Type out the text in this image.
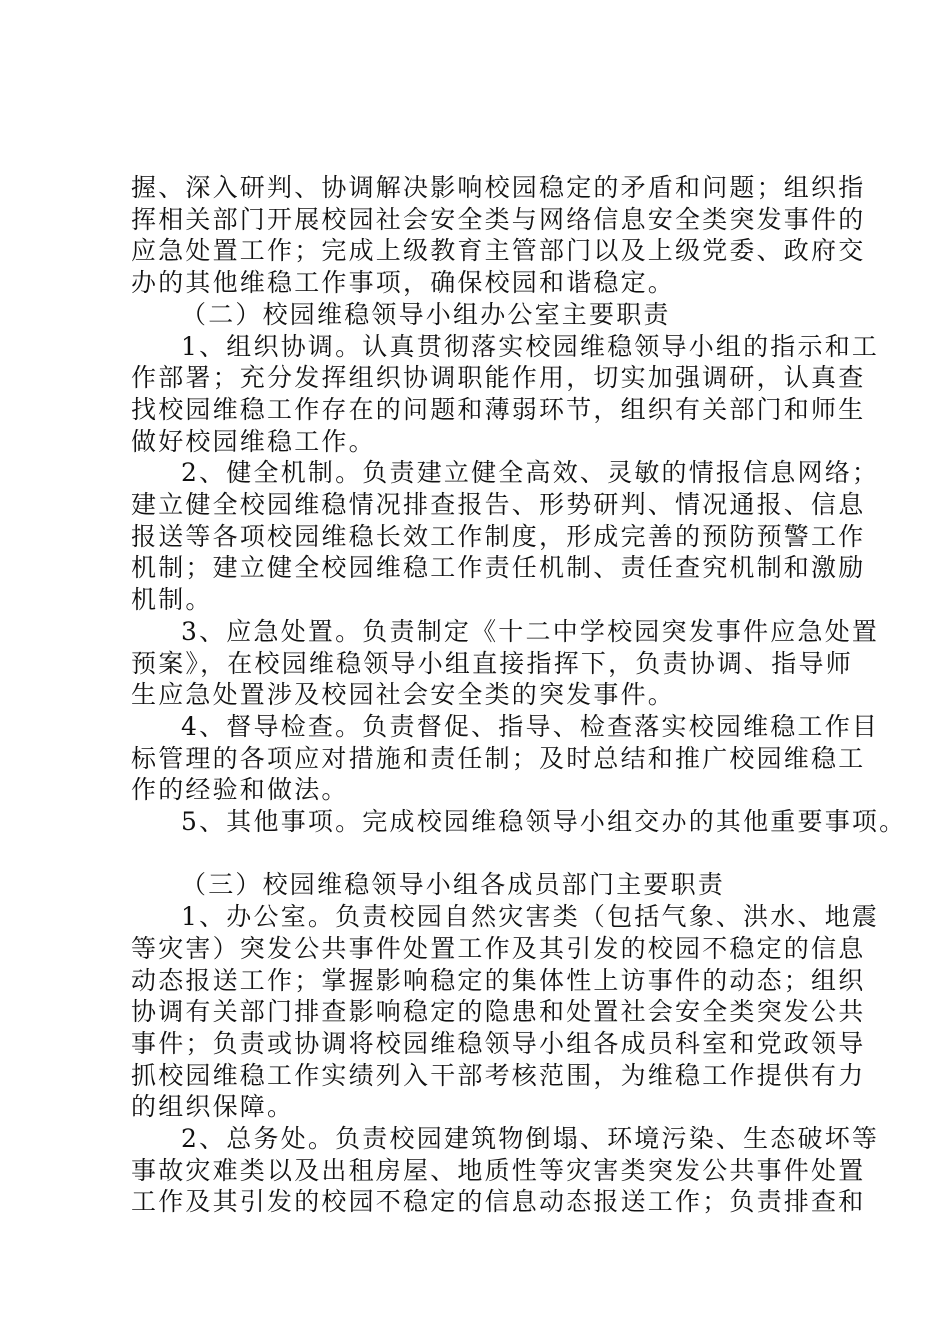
握、深入研判、协调解决影响校园稳定的矛盾和问题；组织指
挥相关部门开展校园社会安全类与网络信息安全类突发事件的
应急处置工作；完成上级教育主管部门以及上级党委、政府交
办的其他维稳工作事项，确保校园和谐稳定。
（二）校园维稳领导小组办公室主要职责
1、组织协调。认真贯彻落实校园维稳领导小组的指示和工
作部署；充分发挥组织协调职能作用，切实加强调研，认真查
找校园维稳工作存在的问题和薄弱环节，组织有关部门和师生
做好校园维稳工作。
2、健全机制。负责建立健全高效、灵敏的情报信息网络；
建立健全校园维稳情况排查报告、形势研判、情况通报、信息
报送等各项校园维稳长效工作制度，形成完善的预防预警工作
机制；建立健全校园维稳工作责任机制、责任查究机制和激励
机制。
3、应急处置。负责制定《十二中学校园突发事件应急处置
预案》，在校园维稳领导小组直接指挥下，负责协调、指导师
生应急处置涉及校园社会安全类的突发事件。
4、督导检查。负责督促、指导、检查落实校园维稳工作目
标管理的各项应对措施和责任制；及时总结和推广校园维稳工
作的经验和做法。
5、其他事项。完成校园维稳领导小组交办的其他重要事项。
（三）校园维稳领导小组各成员部门主要职责
1、办公室。负责校园自然灾害类（包括气象、洪水、地震
等灾害）突发公共事件处置工作及其引发的校园不稳定的信息
动态报送工作；掌握影响稳定的集体性上访事件的动态；组织
协调有关部门排查影响稳定的隐患和处置社会安全类突发公共
事件；负责或协调将校园维稳领导小组各成员科室和党政领导
抓校园维稳工作实绩列入干部考核范围，为维稳工作提供有力
的组织保障。
2、总务处。负责校园建筑物倒塌、环境污染、生态破坏等
事故灾难类以及出租房屋、地质性等灾害类突发公共事件处置
工作及其引发的校园不稳定的信息动态报送工作；负责排查和
